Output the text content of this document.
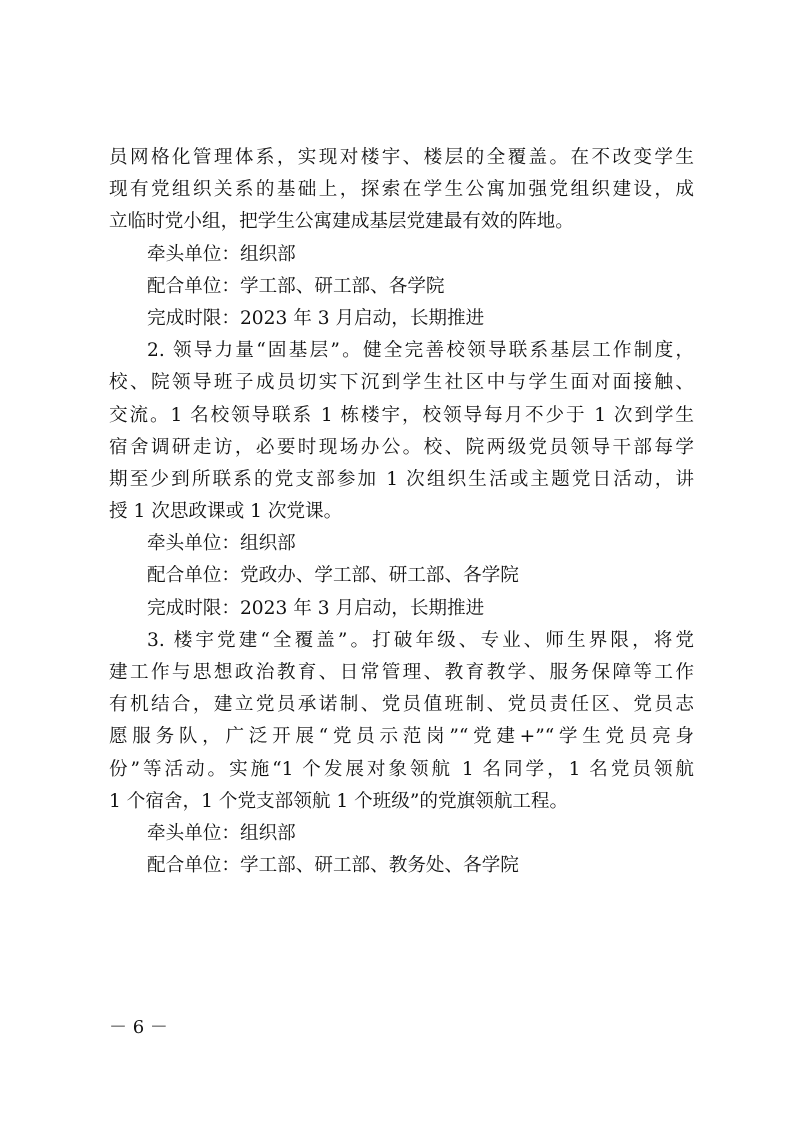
员网格化管理体系，实现对楼宇、楼层的全覆盖。在不改变学生
现有党组织关系的基础上，探索在学生公寓加强党组织建设，成
立临时党小组，把学生公寓建成基层党建最有效的阵地。
牵头单位：组织部
配合单位：学工部、研工部、各学院
完成时限：2023 年 3 月启动，长期推进
2. 领导力量“固基层”。健全完善校领导联系基层工作制度，
校、院领导班子成员切实下沉到学生社区中与学生面对面接触、
交流。1 名校领导联系 1 栋楼宇，校领导每月不少于 1 次到学生
宿舍调研走访，必要时现场办公。校、院两级党员领导干部每学
期至少到所联系的党支部参加 1 次组织生活或主题党日活动，讲
授 1 次思政课或 1 次党课。
牵头单位：组织部
配合单位：党政办、学工部、研工部、各学院
完成时限：2023 年 3 月启动，长期推进
3. 楼宇党建“全覆盖”。打破年级、专业、师生界限，将党
建工作与思想政治教育、日常管理、教育教学、服务保障等工作
有机结合，建立党员承诺制、党员值班制、党员责任区、党员志
愿服务队，广泛开展“党员示范岗”“党建+”“学生党员亮身
份”等活动。实施“1 个发展对象领航 1 名同学，1 名党员领航
1 个宿舍，1 个党支部领航 1 个班级”的党旗领航工程。
牵头单位：组织部
配合单位：学工部、研工部、教务处、各学院
－ 6 －
